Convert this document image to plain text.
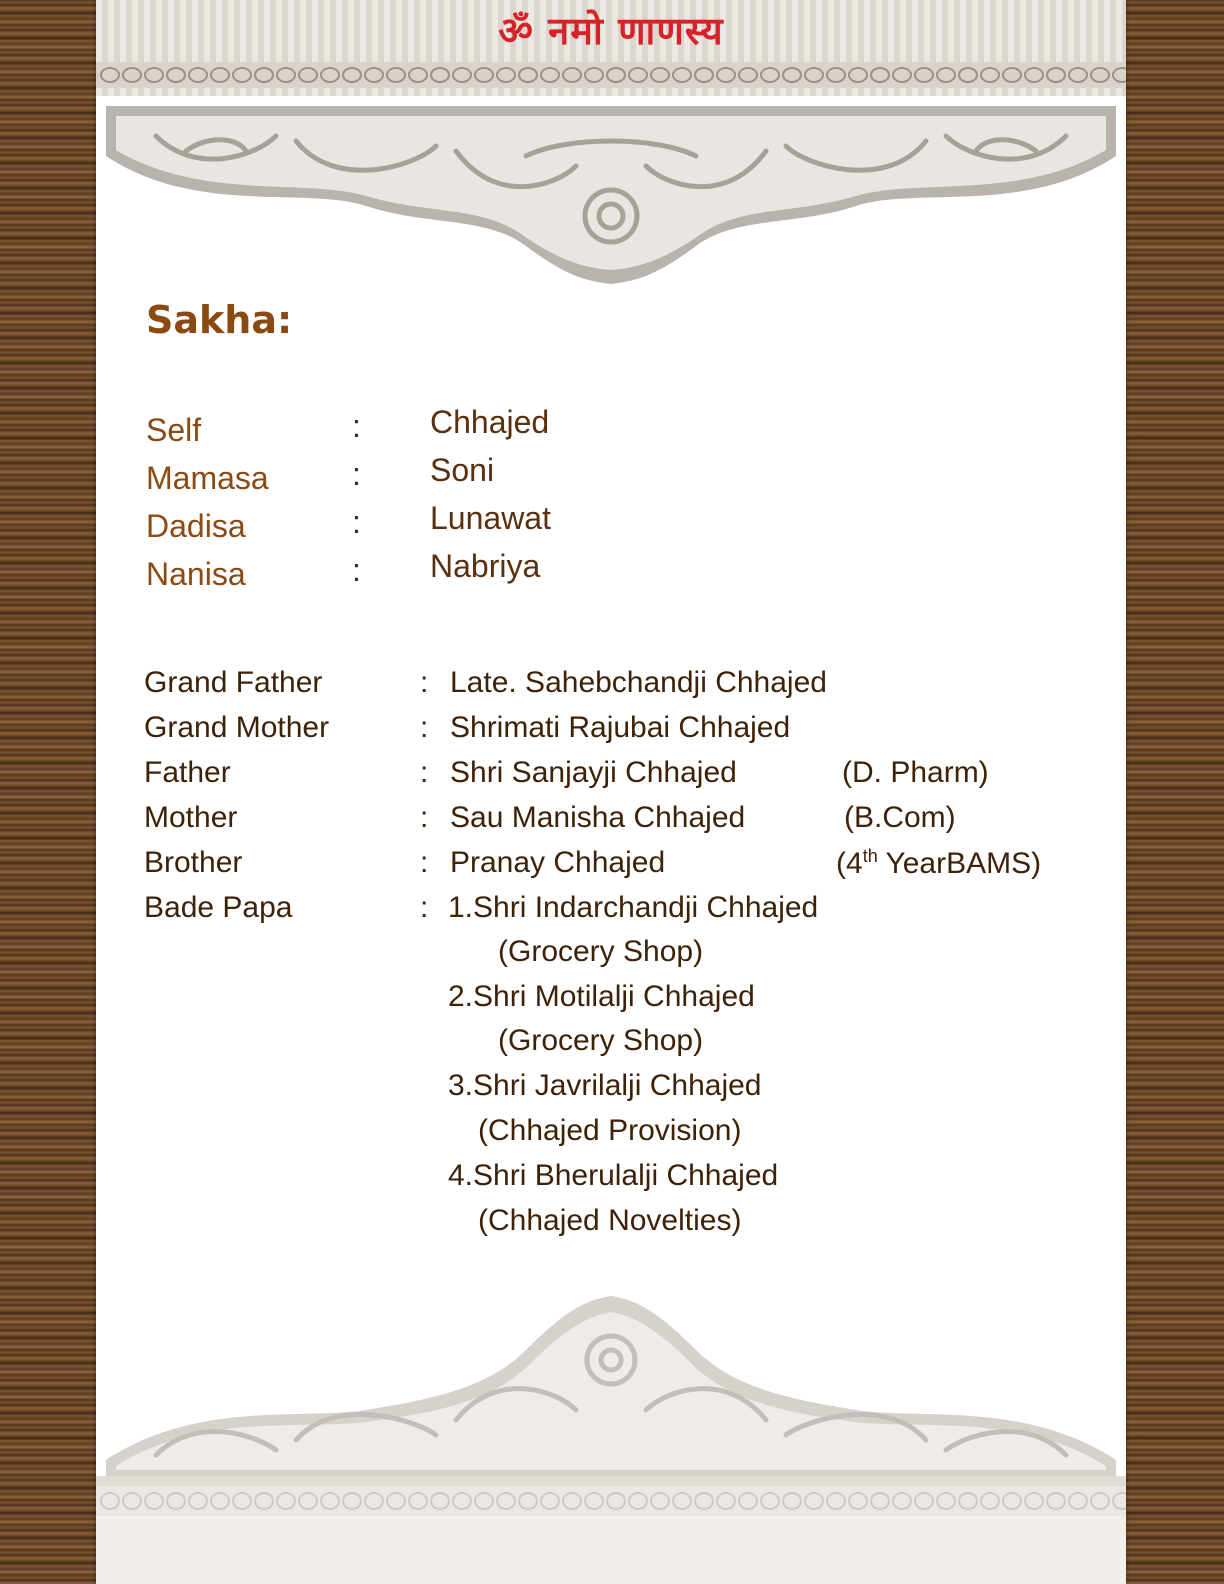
ॐ नमो णाणस्य
Sakha:
Self	: Chhajed
Mamasa	: Soni
Dadisa	: Lunawat
Nanisa	: Nabriya
Grand Father	: Late. Sahebchandji Chhajed
Grand Mother	: Shrimati Rajubai Chhajed
Father	: Shri Sanjayji Chhajed	(D. Pharm)
Mother	: Sau Manisha Chhajed	(B.Com)
Brother	: Pranay Chhajed	(4th YearBAMS)
Bade Papa	: 1.Shri Indarchandji Chhajed
(Grocery Shop)
2.Shri Motilalji Chhajed
(Grocery Shop)
3.Shri Javrilalji Chhajed
(Chhajed Provision)
4.Shri Bherulalji Chhajed
(Chhajed Novelties)
